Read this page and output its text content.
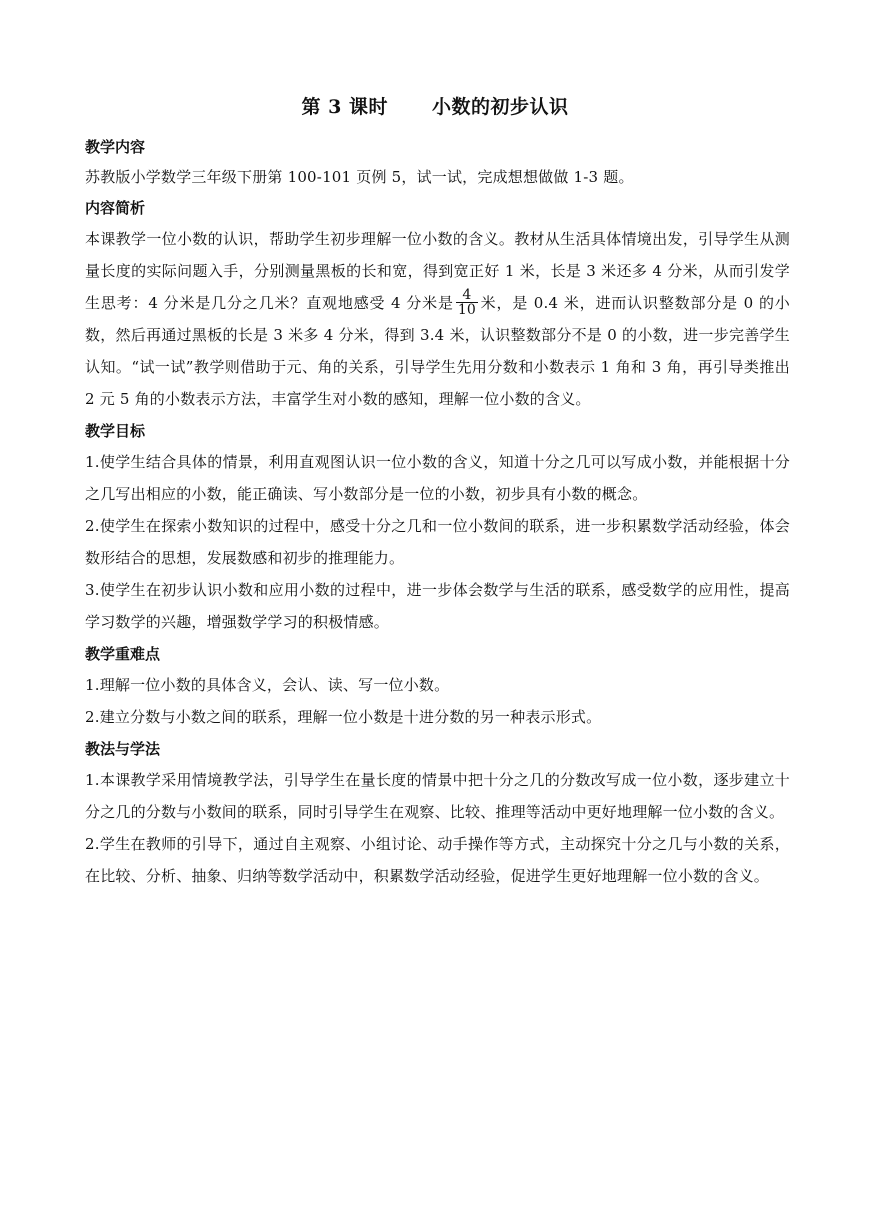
第 3 课时 小数的初步认识
教学内容
苏教版小学数学三年级下册第 100-101 页例 5，试一试，完成想想做做 1-3 题。
内容简析
本课教学一位小数的认识，帮助学生初步理解一位小数的含义。教材从生活具体情境出发，引导学生从测量长度的实际问题入手，分别测量黑板的长和宽，得到宽正好 1 米，长是 3 米还多 4 分米，从而引发学生思考：4 分米是几分之几米？直观地感受 4 分米是 $\frac{4}{10}$ 米，是 0.4 米，进而认识整数部分是 0 的小数，然后再通过黑板的长是 3 米多 4 分米，得到 3.4 米，认识整数部分不是 0 的小数，进一步完善学生认知。“试一试”教学则借助于元、角的关系，引导学生先用分数和小数表示 1 角和 3 角，再引导类推出 2 元 5 角的小数表示方法，丰富学生对小数的感知，理解一位小数的含义。
教学目标
1.使学生结合具体的情景，利用直观图认识一位小数的含义，知道十分之几可以写成小数，并能根据十分之几写出相应的小数，能正确读、写小数部分是一位的小数，初步具有小数的概念。
2.使学生在探索小数知识的过程中，感受十分之几和一位小数间的联系，进一步积累数学活动经验，体会数形结合的思想，发展数感和初步的推理能力。
3.使学生在初步认识小数和应用小数的过程中，进一步体会数学与生活的联系，感受数学的应用性，提高学习数学的兴趣，增强数学学习的积极情感。
教学重难点
1.理解一位小数的具体含义，会认、读、写一位小数。
2.建立分数与小数之间的联系，理解一位小数是十进分数的另一种表示形式。
教法与学法
1.本课教学采用情境教学法，引导学生在量长度的情景中把十分之几的分数改写成一位小数，逐步建立十分之几的分数与小数间的联系，同时引导学生在观察、比较、推理等活动中更好地理解一位小数的含义。
2.学生在教师的引导下，通过自主观察、小组讨论、动手操作等方式，主动探究十分之几与小数的关系，在比较、分析、抽象、归纳等数学活动中，积累数学活动经验，促进学生更好地理解一位小数的含义。
